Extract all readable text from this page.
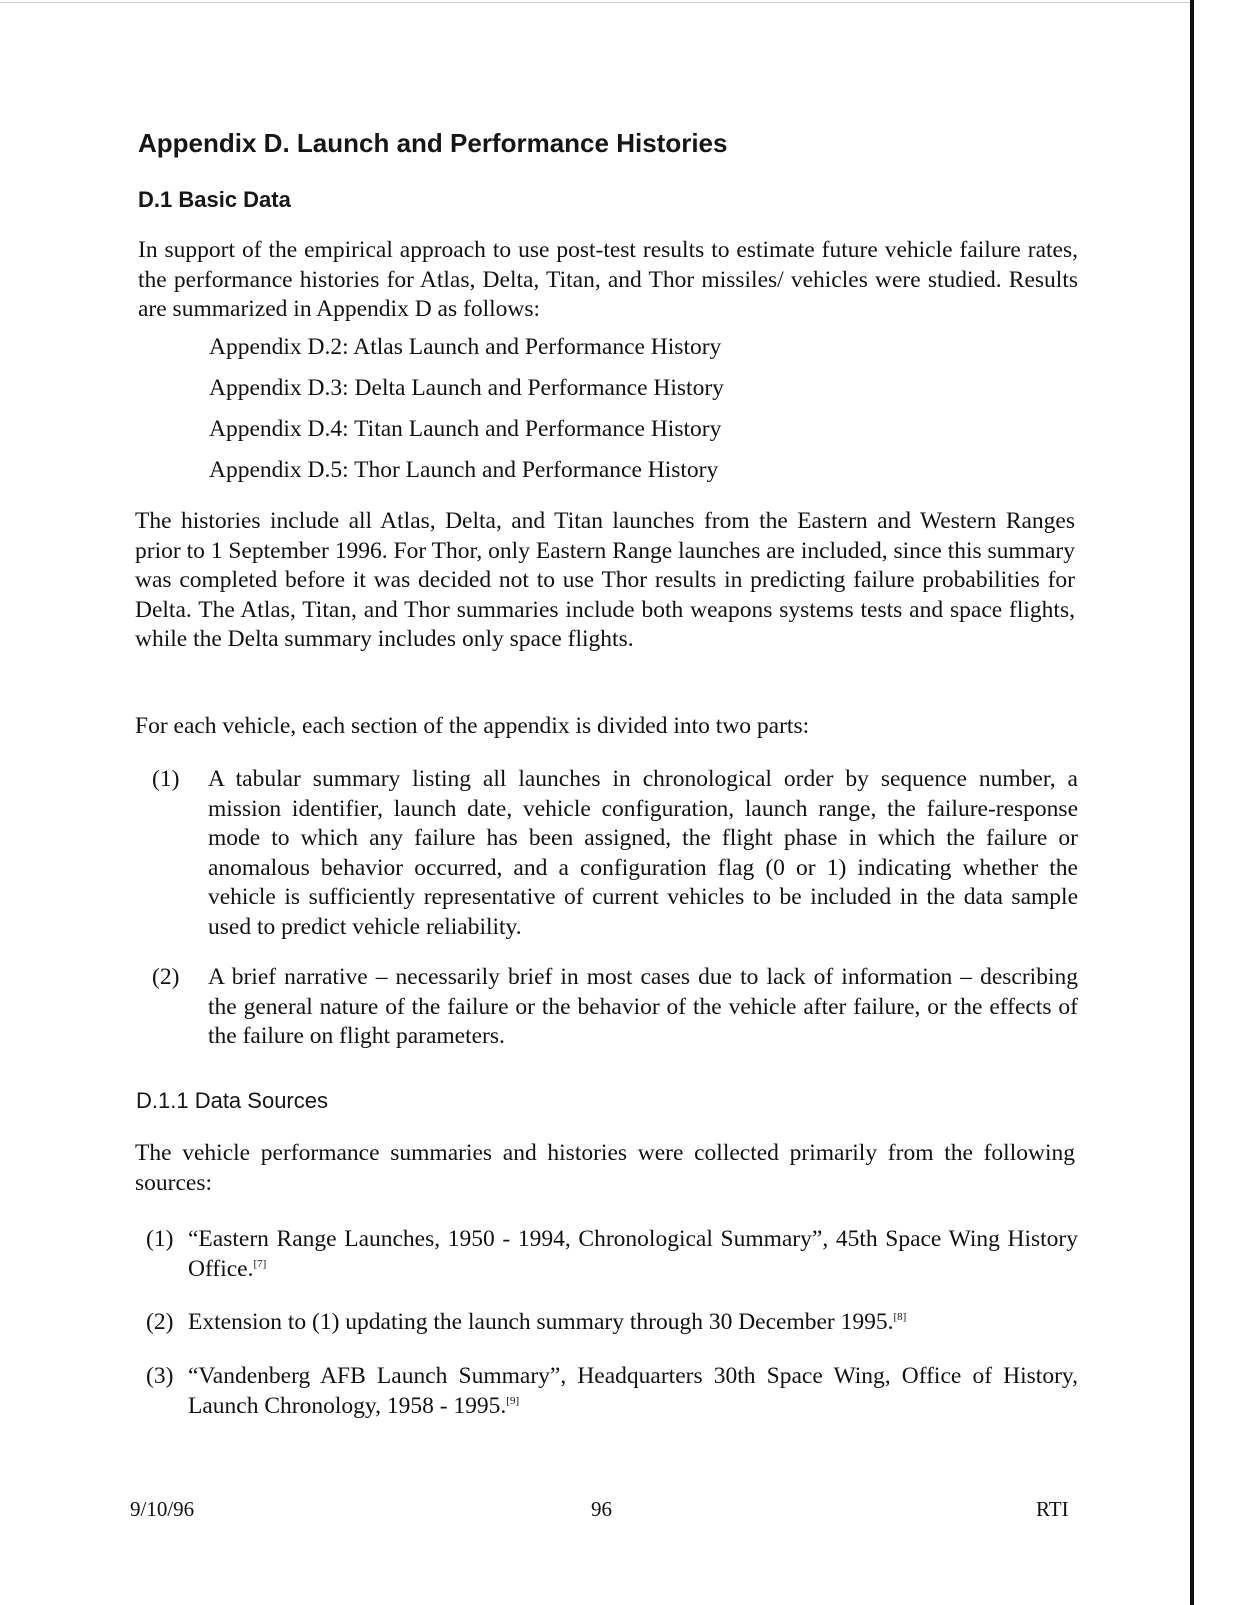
Appendix D. Launch and Performance Histories
D.1 Basic Data

In support of the empirical approach to use post-test results to estimate future vehicle failure rates, the performance histories for Atlas, Delta, Titan, and Thor missiles/ vehicles were studied. Results are summarized in Appendix D as follows:

Appendix D.2: Atlas Launch and Performance History
Appendix D.3: Delta Launch and Performance History
Appendix D.4: Titan Launch and Performance History
Appendix D.5: Thor Launch and Performance History

The histories include all Atlas, Delta, and Titan launches from the Eastern and Western Ranges prior to 1 September 1996. For Thor, only Eastern Range launches are included, since this summary was completed before it was decided not to use Thor results in predicting failure probabilities for Delta. The Atlas, Titan, and Thor summaries include both weapons systems tests and space flights, while the Delta summary includes only space flights.

For each vehicle, each section of the appendix is divided into two parts:

(1) A tabular summary listing all launches in chronological order by sequence number, a mission identifier, launch date, vehicle configuration, launch range, the failure-response mode to which any failure has been assigned, the flight phase in which the failure or anomalous behavior occurred, and a configuration flag (0 or 1) indicating whether the vehicle is sufficiently representative of current vehicles to be included in the data sample used to predict vehicle reliability.
(2) A brief narrative – necessarily brief in most cases due to lack of information – describing the general nature of the failure or the behavior of the vehicle after failure, or the effects of the failure on flight parameters.
D.1.1 Data Sources

The vehicle performance summaries and histories were collected primarily from the following sources:

(1) “Eastern Range Launches, 1950 - 1994, Chronological Summary”, 45th Space Wing History Office.[7]
(2) Extension to (1) updating the launch summary through 30 December 1995.[8]
(3) “Vandenberg AFB Launch Summary”, Headquarters 30th Space Wing, Office of History, Launch Chronology, 1958 - 1995.[9]
9/10/96	96	RTI
